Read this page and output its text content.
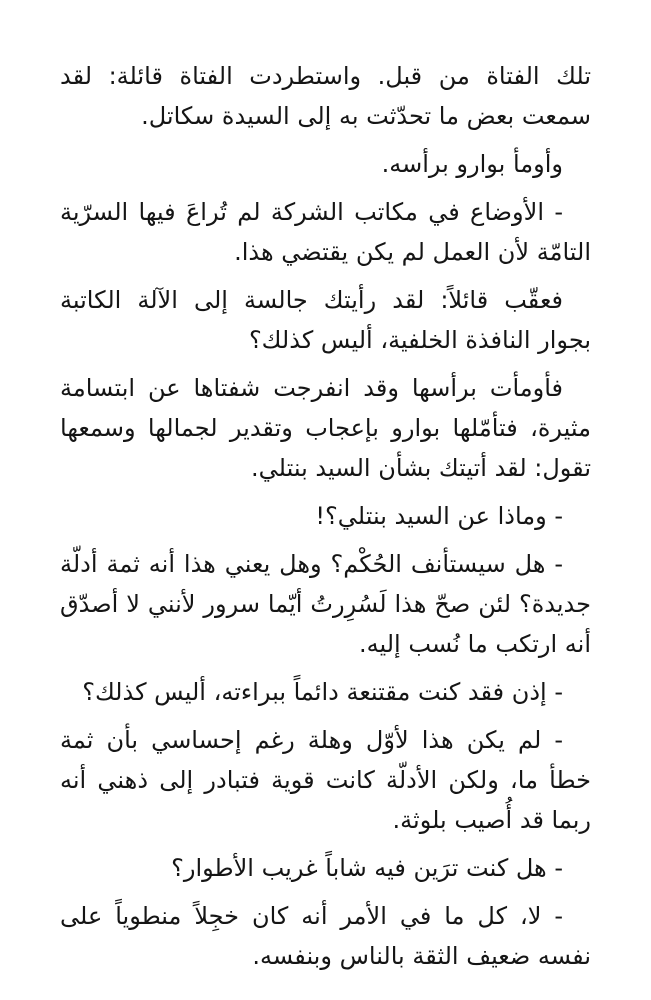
تلك الفتاة من قبل. واستطردت الفتاة قائلة: لقد سمعت بعض ما تحدّثت به إلى السيدة سكاتل.

وأومأ بوارو برأسه.

- الأوضاع في مكاتب الشركة لم تُراعَ فيها السرّية التامّة لأن العمل لم يكن يقتضي هذا.

فعقّب قائلاً: لقد رأيتك جالسة إلى الآلة الكاتبة بجوار النافذة الخلفية، أليس كذلك؟

فأومأت برأسها وقد انفرجت شفتاها عن ابتسامة مثيرة، فتأمّلها بوارو بإعجاب وتقدير لجمالها وسمعها تقول: لقد أتيتك بشأن السيد بنتلي.

- وماذا عن السيد بنتلي؟!

- هل سيستأنف الحُكْم؟ وهل يعني هذا أنه ثمة أدلّة جديدة؟ لئن صحّ هذا لَسُرِرتُ أيّما سرور لأنني لا أصدّق أنه ارتكب ما نُسب إليه.

- إذن فقد كنت مقتنعة دائماً ببراءته، أليس كذلك؟

- لم يكن هذا لأوّل وهلة رغم إحساسي بأن ثمة خطأ ما، ولكن الأدلّة كانت قوية فتبادر إلى ذهني أنه ربما قد أُصيب بلوثة.

- هل كنت ترَين فيه شاباً غريب الأطوار؟

- لا، كل ما في الأمر أنه كان خجِلاً منطوياً على نفسه ضعيف الثقة بالناس وبنفسه.
